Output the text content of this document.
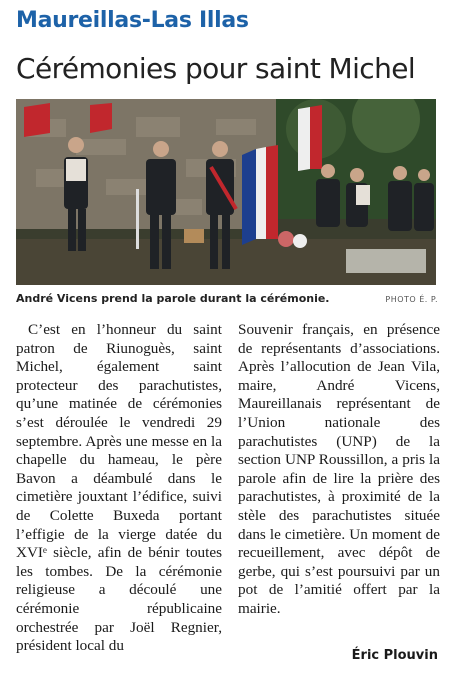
Maureillas-Las Illas
Cérémonies pour saint Michel
André Vicens prend la parole durant la cérémonie.	PHOTO É. P.

C’est en l’honneur du saint patron de Riunoguès, saint Michel, également saint protecteur des parachutistes, qu’une matinée de cérémonies s’est déroulée le vendredi 29 septembre. Après une messe en la chapelle du hameau, le père Bavon a déambulé dans le cimetière jouxtant l’édifice, suivi de Colette Buxeda portant l’effigie de la vierge datée du XVIᵉ siècle, afin de bénir toutes les tombes. De la cérémonie religieuse a découlé une cérémonie républicaine orchestrée par Joël Regnier, président local du

Souvenir français, en présence de représentants d’associations. Après l’allocution de Jean Vila, maire, André Vicens, Maureillanais représentant de l’Union nationale des parachutistes (UNP) de la section UNP Roussillon, a pris la parole afin de lire la prière des parachutistes, à proximité de la stèle des parachutistes située dans le cimetière. Un moment de recueillement, avec dépôt de gerbe, qui s’est poursuivi par un pot de l’amitié offert par la mairie.

Éric Plouvin
